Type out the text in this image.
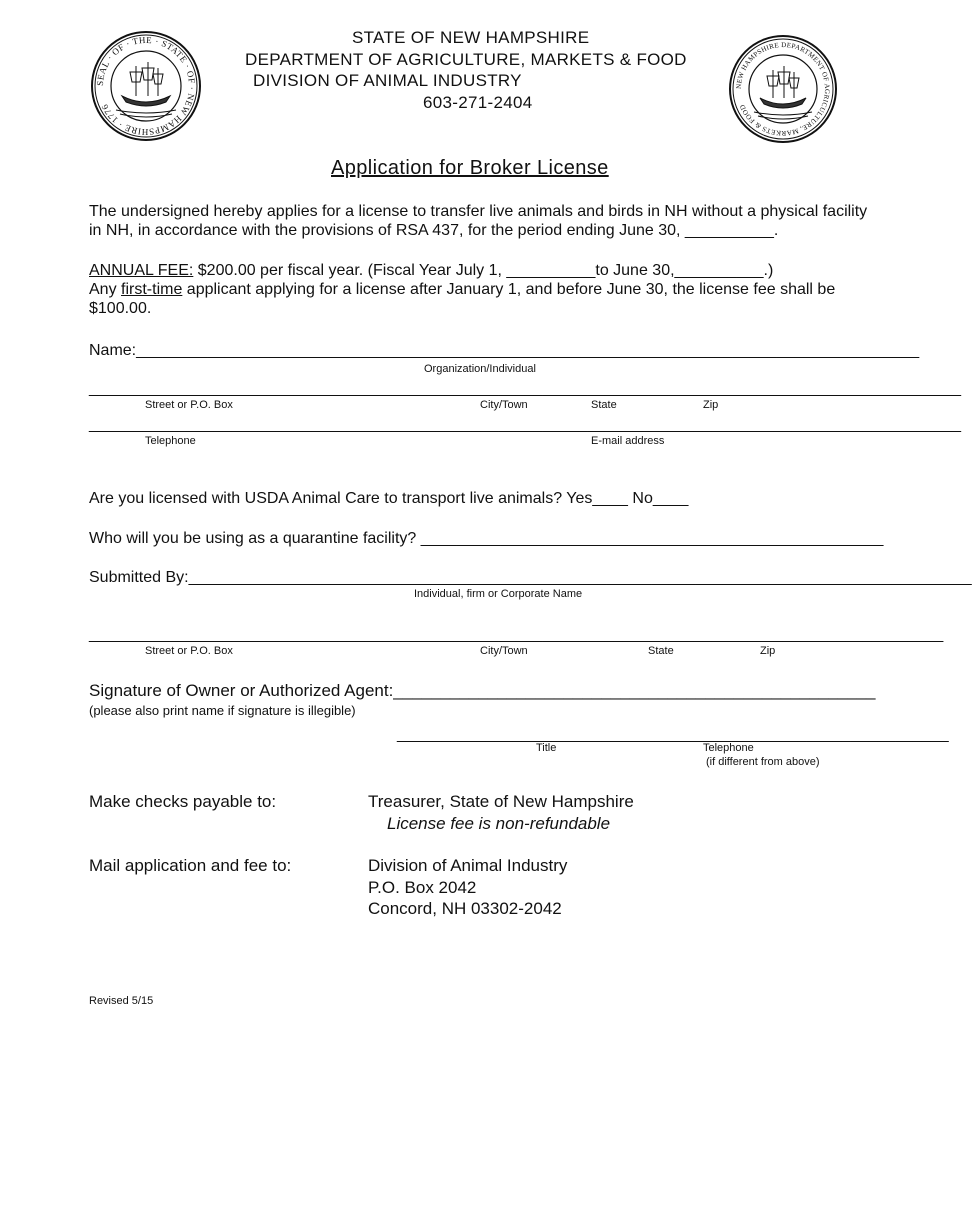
SEAL · OF · THE · STATE · OF · NEW HAMPSHIRE · 1776
NEW HAMPSHIRE DEPARTMENT OF AGRICULTURE, MARKETS & FOOD
STATE OF NEW HAMPSHIRE
DEPARTMENT OF AGRICULTURE, MARKETS & FOOD
DIVISION OF ANIMAL INDUSTRY
603-271-2404
Application for Broker License
The undersigned hereby applies for a license to transfer live animals and birds in NH without a physical facility
in NH, in accordance with the provisions of RSA 437, for the period ending June 30, __________.
ANNUAL FEE: $200.00 per fiscal year. (Fiscal Year July 1, __________to June 30,__________.)
Any first-time applicant applying for a license after January 1, and before June 30, the license fee shall be
$100.00.
Name:________________________________________________________________________________________
Organization/Individual
__________________________________________________________________________________________________
Street or P.O. Box	City/Town	State	Zip
__________________________________________________________________________________________________
Telephone	E-mail address
Are you licensed with USDA Animal Care to transport live animals? Yes____ No____
Who will you be using as a quarantine facility? ____________________________________________________
Submitted By:________________________________________________________________________________________
Individual, firm or Corporate Name
________________________________________________________________________________________________
Street or P.O. Box	City/Town	State	Zip
Signature of Owner or Authorized Agent:___________________________________________________
(please also print name if signature is illegible)
______________________________________________________________
Title	Telephone
(if different from above)
Make checks payable to:	Treasurer, State of New Hampshire
License fee is non-refundable
Mail application and fee to:	Division of Animal Industry
P.O. Box 2042
Concord, NH 03302-2042
Revised 5/15
